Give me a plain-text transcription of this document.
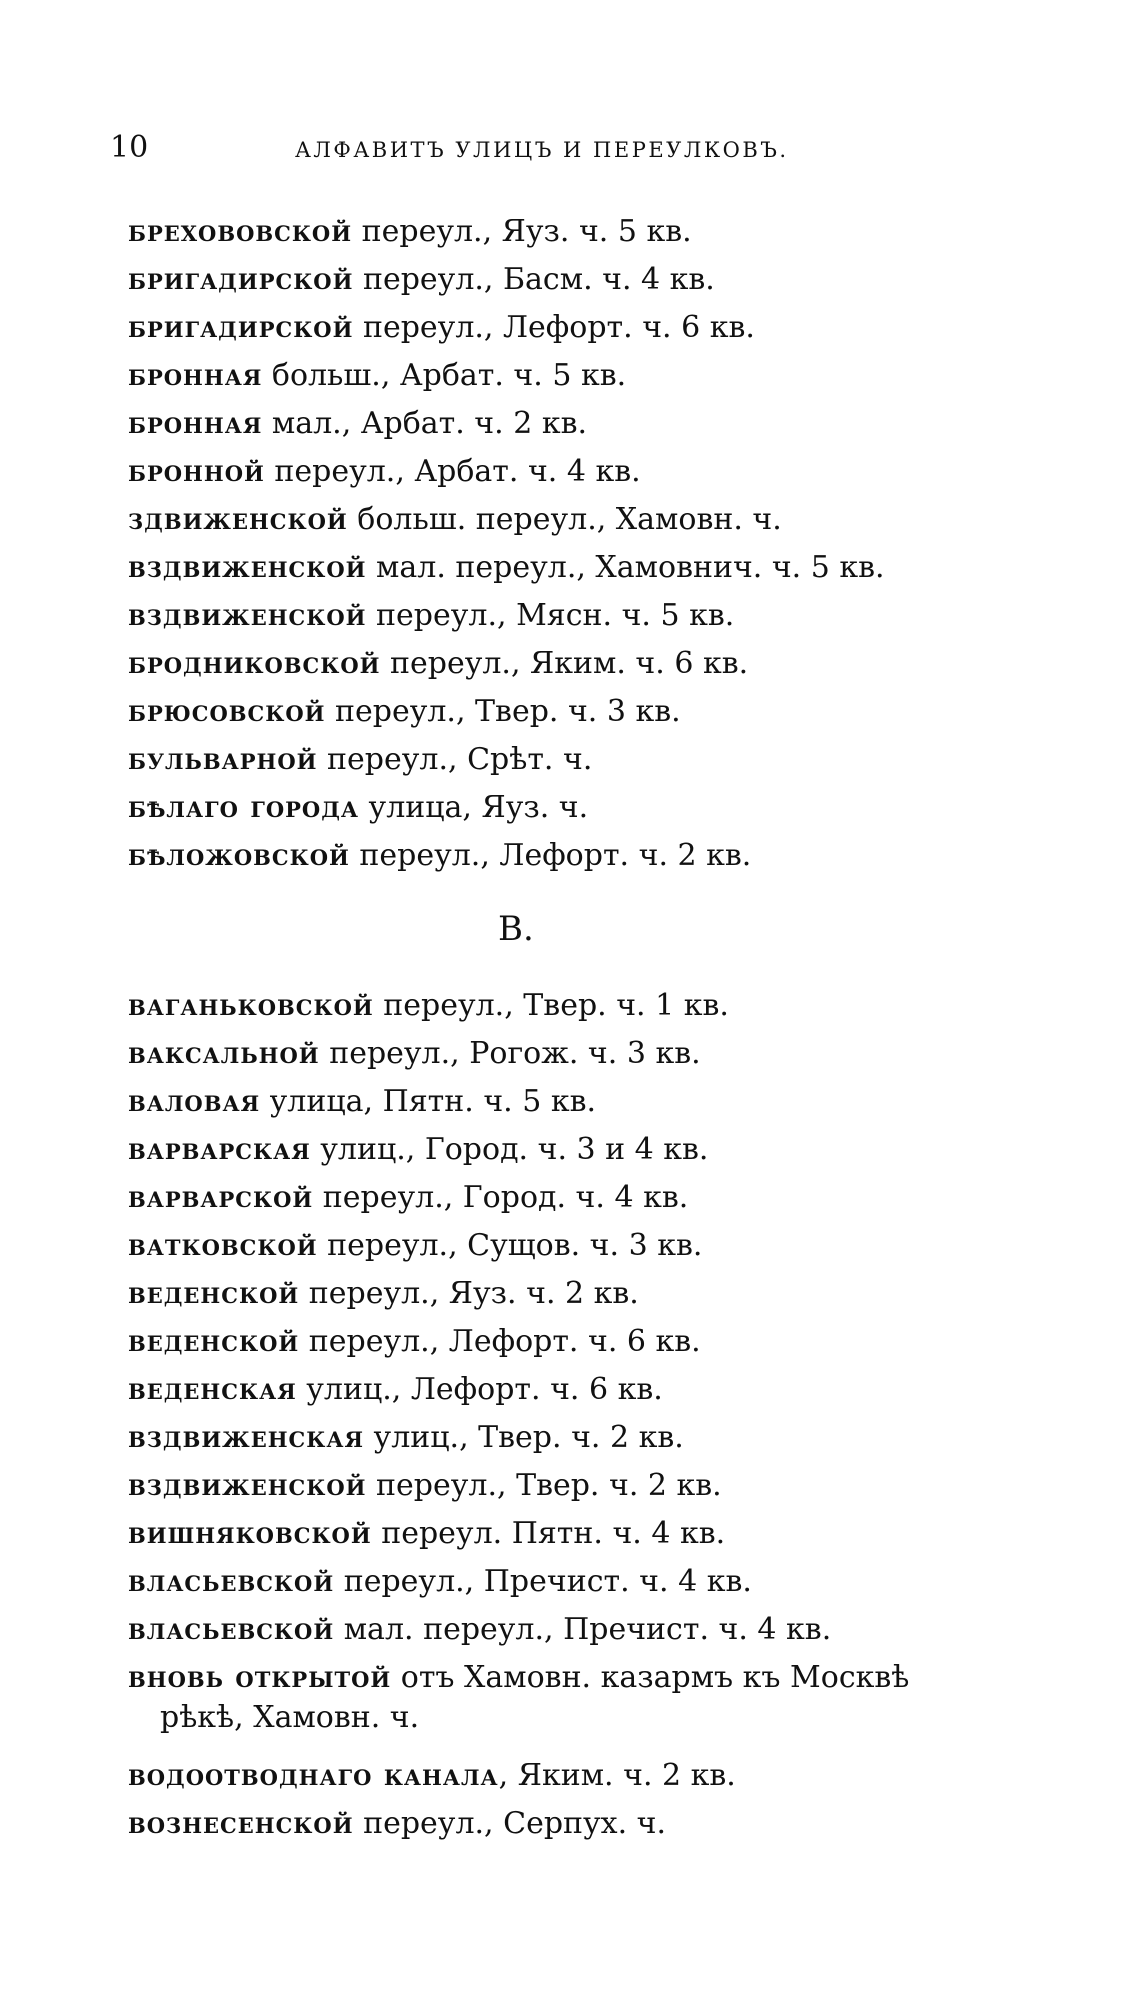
10	АЛФАВИТЪ УЛИЦЪ И ПЕРЕУЛКОВЪ.
брехововской переул., Яуз. ч. 5 кв.
бригадирской переул., Басм. ч. 4 кв.
бригадирской переул., Лефорт. ч. 6 кв.
бронная больш., Арбат. ч. 5 кв.
бронная мал., Арбат. ч. 2 кв.
бронной переул., Арбат. ч. 4 кв.
здвиженской больш. переул., Хамовн. ч.
вздвиженской мал. переул., Хамовнич. ч. 5 кв.
вздвиженской переул., Мясн. ч. 5 кв.
бродниковской переул., Яким. ч. 6 кв.
брюсовской переул., Твер. ч. 3 кв.
бульварной переул., Срѣт. ч.
бѣлаго города улица, Яуз. ч.
бѣложовской переул., Лефорт. ч. 2 кв.
В.
ваганьковской переул., Твер. ч. 1 кв.
ваксальной переул., Рогож. ч. 3 кв.
валовая улица, Пятн. ч. 5 кв.
варварская улиц., Город. ч. 3 и 4 кв.
варварской переул., Город. ч. 4 кв.
ватковской переул., Сущов. ч. 3 кв.
веденской переул., Яуз. ч. 2 кв.
веденской переул., Лефорт. ч. 6 кв.
веденская улиц., Лефорт. ч. 6 кв.
вздвиженская улиц., Твер. ч. 2 кв.
вздвиженской переул., Твер. ч. 2 кв.
вишняковской переул. Пятн. ч. 4 кв.
власьевской переул., Пречист. ч. 4 кв.
власьевской мал. переул., Пречист. ч. 4 кв.
вновь открытой отъ Хамовн. казармъ къ Москвѣ
рѣкѣ, Хамовн. ч.
водоотводнаго канала, Яким. ч. 2 кв.
вознесенской переул., Серпух. ч.
